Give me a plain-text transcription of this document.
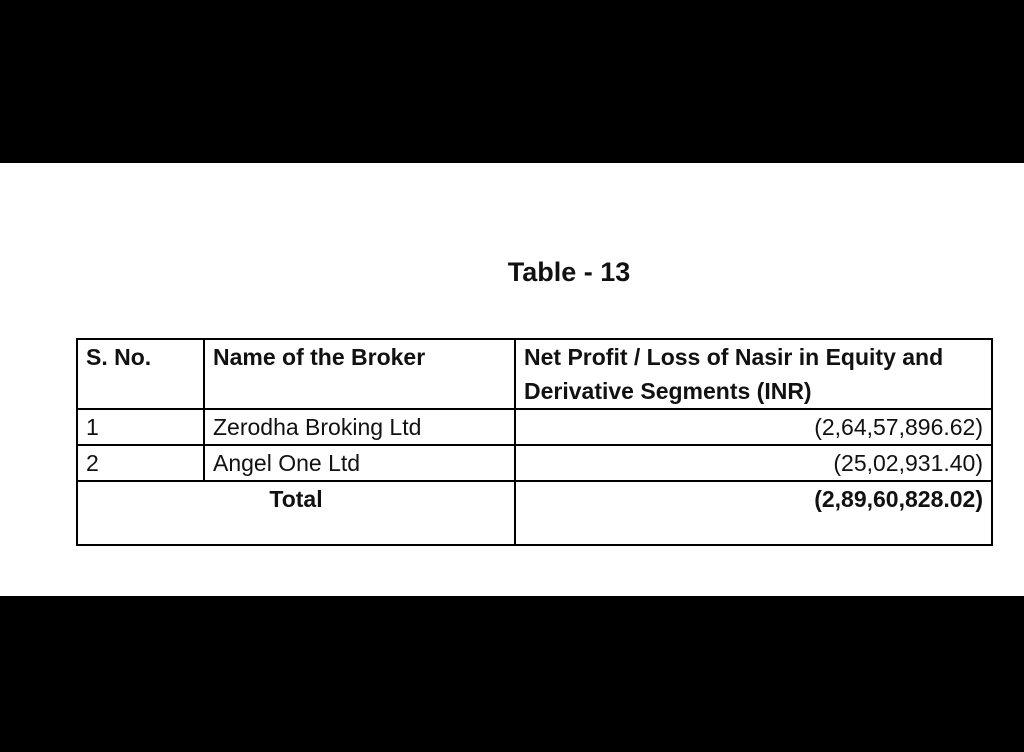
Table - 13
S. No.	Name of the Broker	Net Profit / Loss of Nasir in Equity and Derivative Segments (INR)
1	Zerodha Broking Ltd	(2,64,57,896.62)
2	Angel One Ltd	(25,02,931.40)
Total		(2,89,60,828.02)
